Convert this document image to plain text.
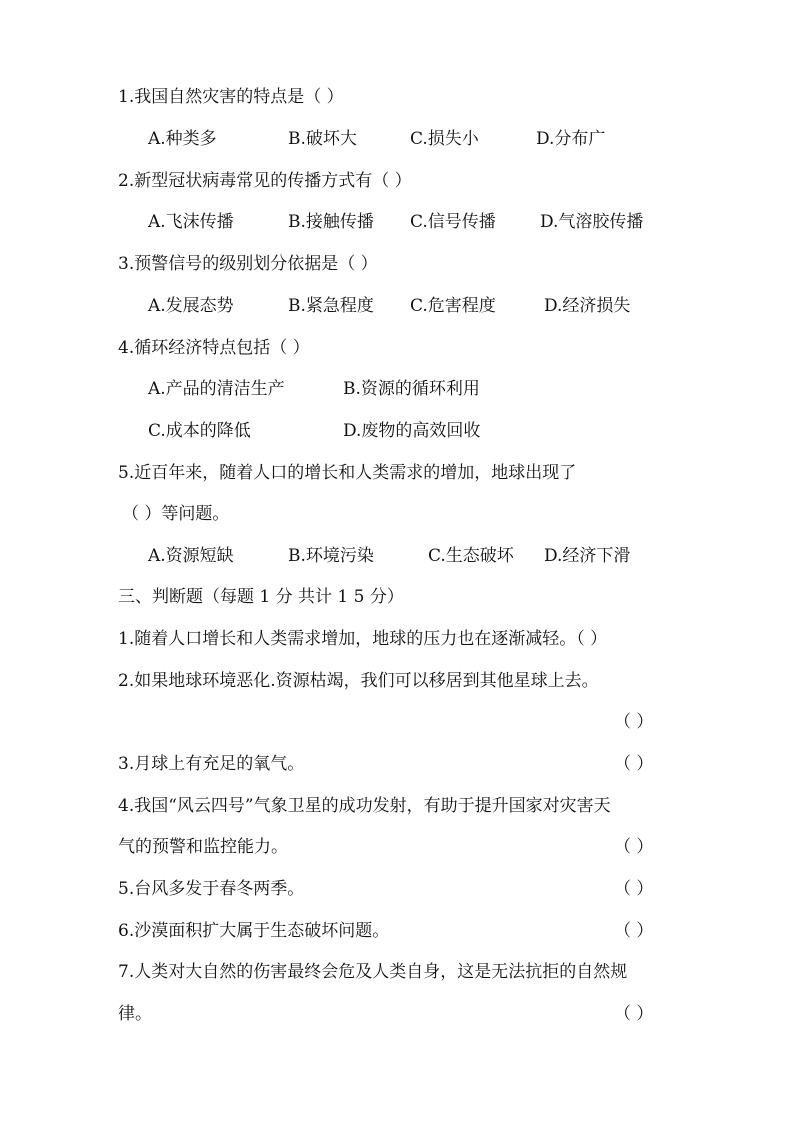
1.我国自然灾害的特点是（ ）
A.种类多	B.破坏大	C.损失小	D.分布广
2.新型冠状病毒常见的传播方式有（ ）
A.飞沫传播	B.接触传播 C.信号传播	D.气溶胶传播
3.预警信号的级别划分依据是（ ）
A.发展态势	B.紧急程度 C.危害程度	D.经济损失
4.循环经济特点包括（ ）
A.产品的清洁生产	B.资源的循环利用
C.成本的降低	D.废物的高效回收
5.近百年来，随着人口的增长和人类需求的增加，地球出现了
（ ）等问题。
A.资源短缺	B.环境污染	C.生态破坏 D.经济下滑
三、判断题（每题 1 分 共计 1 5 分）
1.随着人口增长和人类需求增加，地球的压力也在逐渐减轻。（ ）
2.如果地球环境恶化.资源枯竭，我们可以移居到其他星球上去。
（ ）
3.月球上有充足的氧气。	（ ）
4.我国“风云四号”气象卫星的成功发射，有助于提升国家对灾害天
气的预警和监控能力。	（ ）
5.台风多发于春冬两季。	（ ）
6.沙漠面积扩大属于生态破坏问题。	（ ）
7.人类对大自然的伤害最终会危及人类自身，这是无法抗拒的自然规
律。	（ ）
